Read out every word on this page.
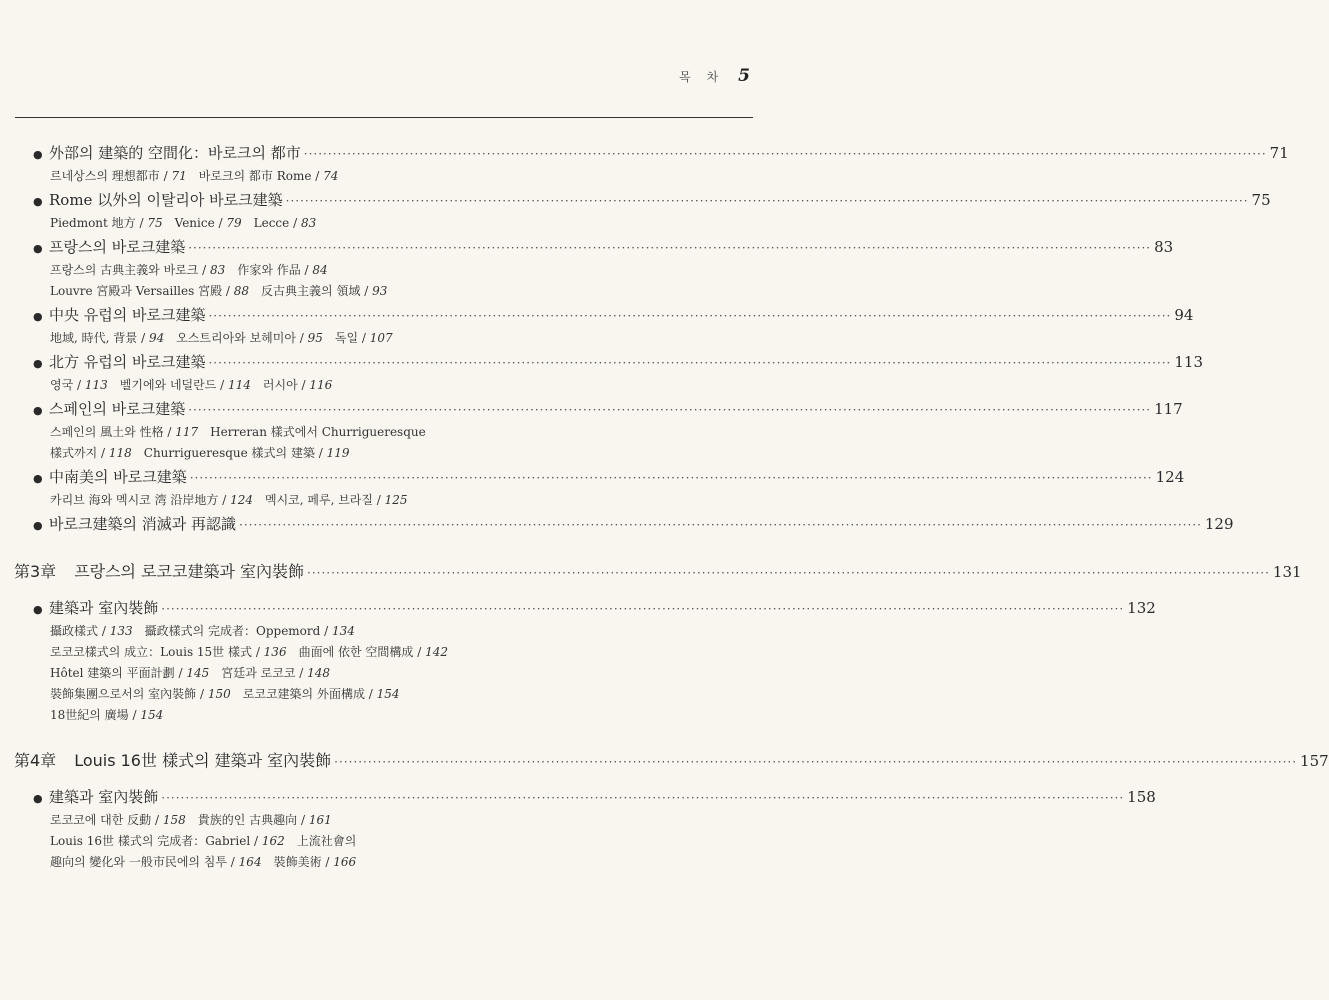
목 차 5
● 外部의 建築的 空間化：바로크의 都市 ········································································································································································································ 71
르네상스의 理想都市 / 71　바로크의 都市 Rome / 74
● Rome 以外의 이탈리아 바로크建築 ········································································································································································································ 75
Piedmont 地方 / 75　Venice / 79　Lecce / 83
● 프랑스의 바로크建築 ········································································································································································································ 83
프랑스의 古典主義와 바로크 / 83　作家와 作品 / 84
Louvre 宮殿과 Versailles 宮殿 / 88　反古典主義의 領域 / 93
● 中央 유럽의 바로크建築 ········································································································································································································ 94
地域, 時代, 背景 / 94　오스트리아와 보헤미아 / 95　독일 / 107
● 北方 유럽의 바로크建築 ········································································································································································································ 113
영국 / 113　벨기에와 네덜란드 / 114　러시아 / 116
● 스페인의 바로크建築 ········································································································································································································ 117
스페인의 風土와 性格 / 117　Herreran 樣式에서 Churrigueresque
樣式까지 / 118　Churrigueresque 樣式의 建築 / 119
● 中南美의 바로크建築 ········································································································································································································ 124
카리브 海와 멕시코 湾 沿岸地方 / 124　멕시코, 페루, 브라질 / 125
● 바로크建築의 消滅과 再認識 ········································································································································································································ 129
第3章 프랑스의 로코코建築과 室內裝飾 ········································································································································································································ 131
● 建築과 室內裝飾 ········································································································································································································ 132
攝政樣式 / 133　攝政樣式의 完成者：Oppemord / 134
로코코樣式의 成立：Louis 15世 樣式 / 136　曲面에 依한 空間構成 / 142
Hôtel 建築의 平面計劃 / 145　宮廷과 로코코 / 148
裝飾集團으로서의 室內裝飾 / 150　로코코建築의 外面構成 / 154
18世紀의 廣場 / 154
第4章 Louis 16世 樣式의 建築과 室內裝飾 ········································································································································································································ 157
● 建築과 室內裝飾 ········································································································································································································ 158
로코코에 대한 反動 / 158　貴族的인 古典趣向 / 161
Louis 16世 樣式의 完成者：Gabriel / 162　上流社會의
趣向의 變化와 一般市民에의 침투 / 164　裝飾美術 / 166
